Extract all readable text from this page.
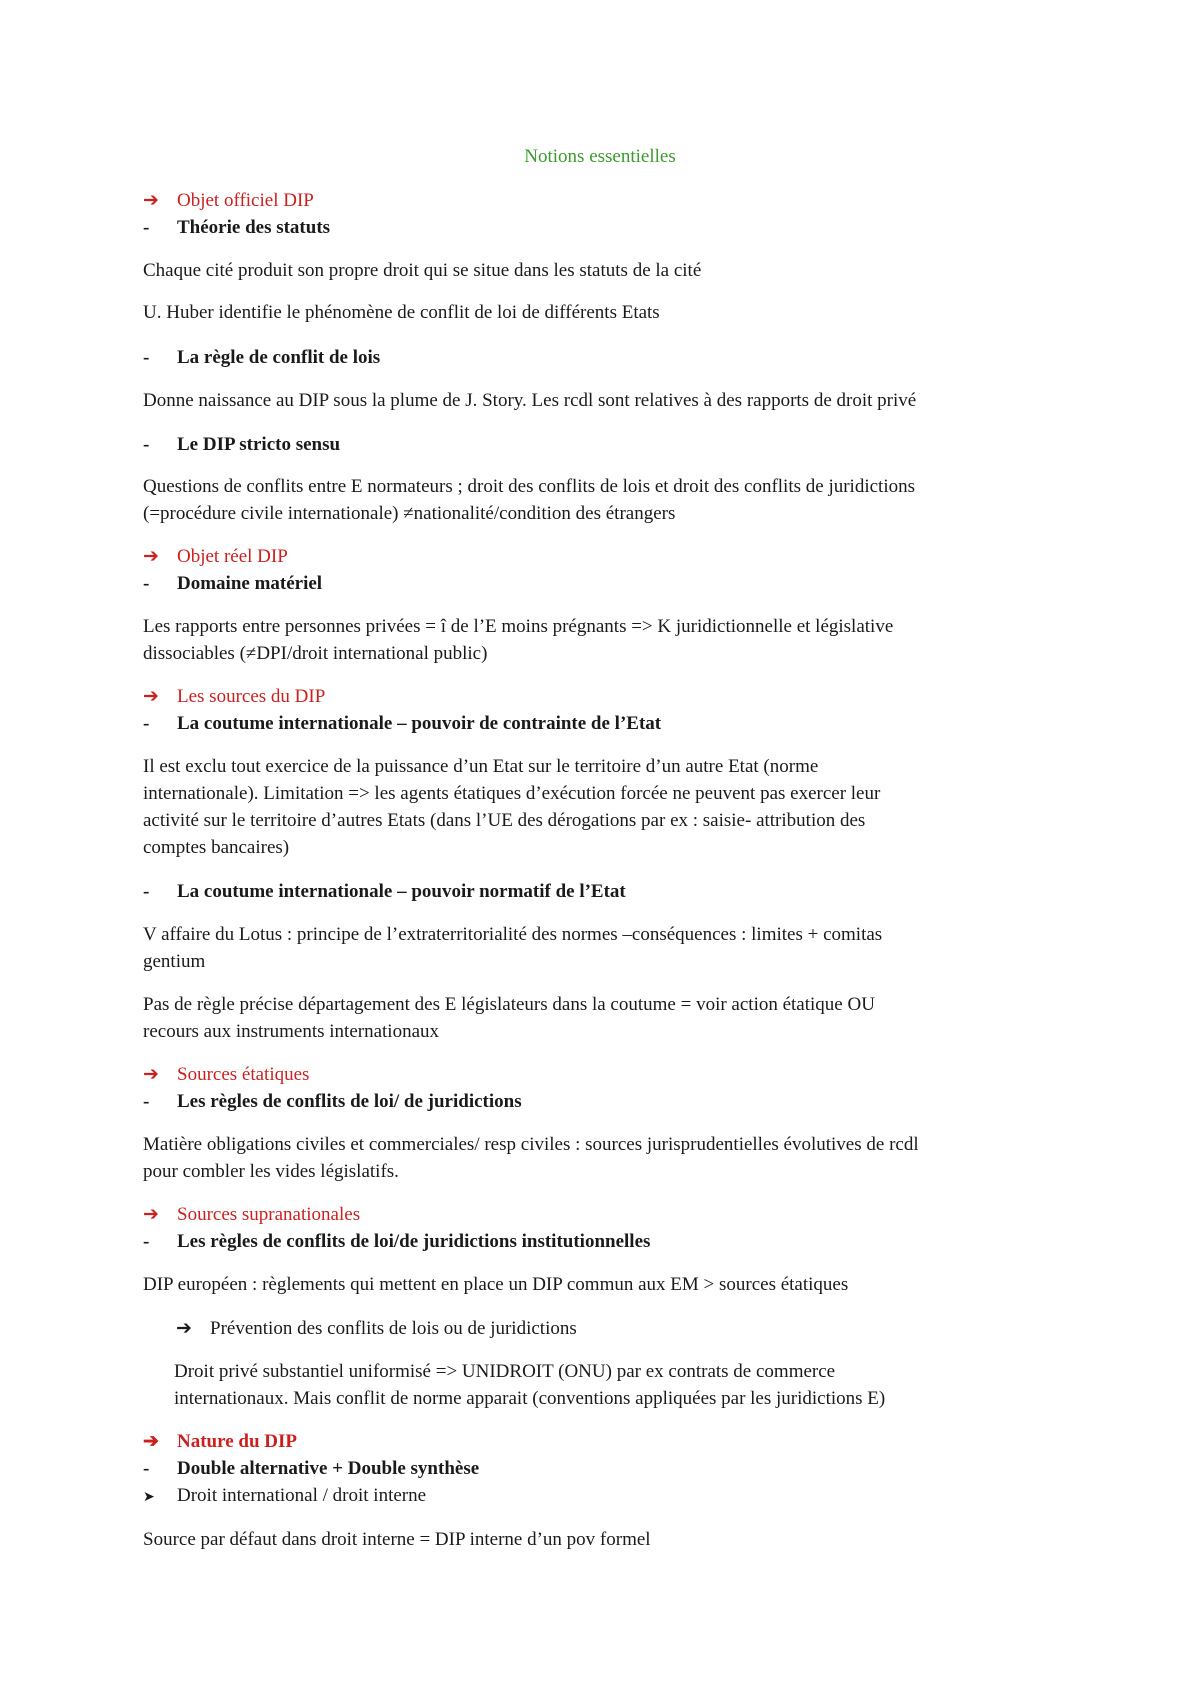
Notions essentielles

➔ Objet officiel DIP

- Théorie des statuts

Chaque cité produit son propre droit qui se situe dans les statuts de la cité

U. Huber identifie le phénomène de conflit de loi de différents Etats

- La règle de conflit de lois

Donne naissance au DIP sous la plume de J. Story. Les rcdl sont relatives à des rapports de droit privé

- Le DIP stricto sensu

Questions de conflits entre E normateurs ; droit des conflits de lois et droit des conflits de juridictions

(=procédure civile internationale) ≠nationalité/condition des étrangers

➔ Objet réel DIP

- Domaine matériel

Les rapports entre personnes privées = î de l’E moins prégnants => K juridictionnelle et législative

dissociables (≠DPI/droit international public)

➔ Les sources du DIP

- La coutume internationale – pouvoir de contrainte de l’Etat

Il est exclu tout exercice de la puissance d’un Etat sur le territoire d’un autre Etat (norme

internationale). Limitation => les agents étatiques d’exécution forcée ne peuvent pas exercer leur

activité sur le territoire d’autres Etats (dans l’UE des dérogations par ex : saisie- attribution des

comptes bancaires)

- La coutume internationale – pouvoir normatif de l’Etat

V affaire du Lotus : principe de l’extraterritorialité des normes –conséquences : limites + comitas

gentium

Pas de règle précise départagement des E législateurs dans la coutume = voir action étatique OU

recours aux instruments internationaux

➔ Sources étatiques

- Les règles de conflits de loi/ de juridictions

Matière obligations civiles et commerciales/ resp civiles : sources jurisprudentielles évolutives de rcdl

pour combler les vides législatifs.

➔ Sources supranationales

- Les règles de conflits de loi/de juridictions institutionnelles

DIP européen : règlements qui mettent en place un DIP commun aux EM > sources étatiques

➔ Prévention des conflits de lois ou de juridictions

Droit privé substantiel uniformisé => UNIDROIT (ONU) par ex contrats de commerce

internationaux. Mais conflit de norme apparait (conventions appliquées par les juridictions E)

➔ Nature du DIP

- Double alternative + Double synthèse

➤ Droit international / droit interne

Source par défaut dans droit interne = DIP interne d’un pov formel
